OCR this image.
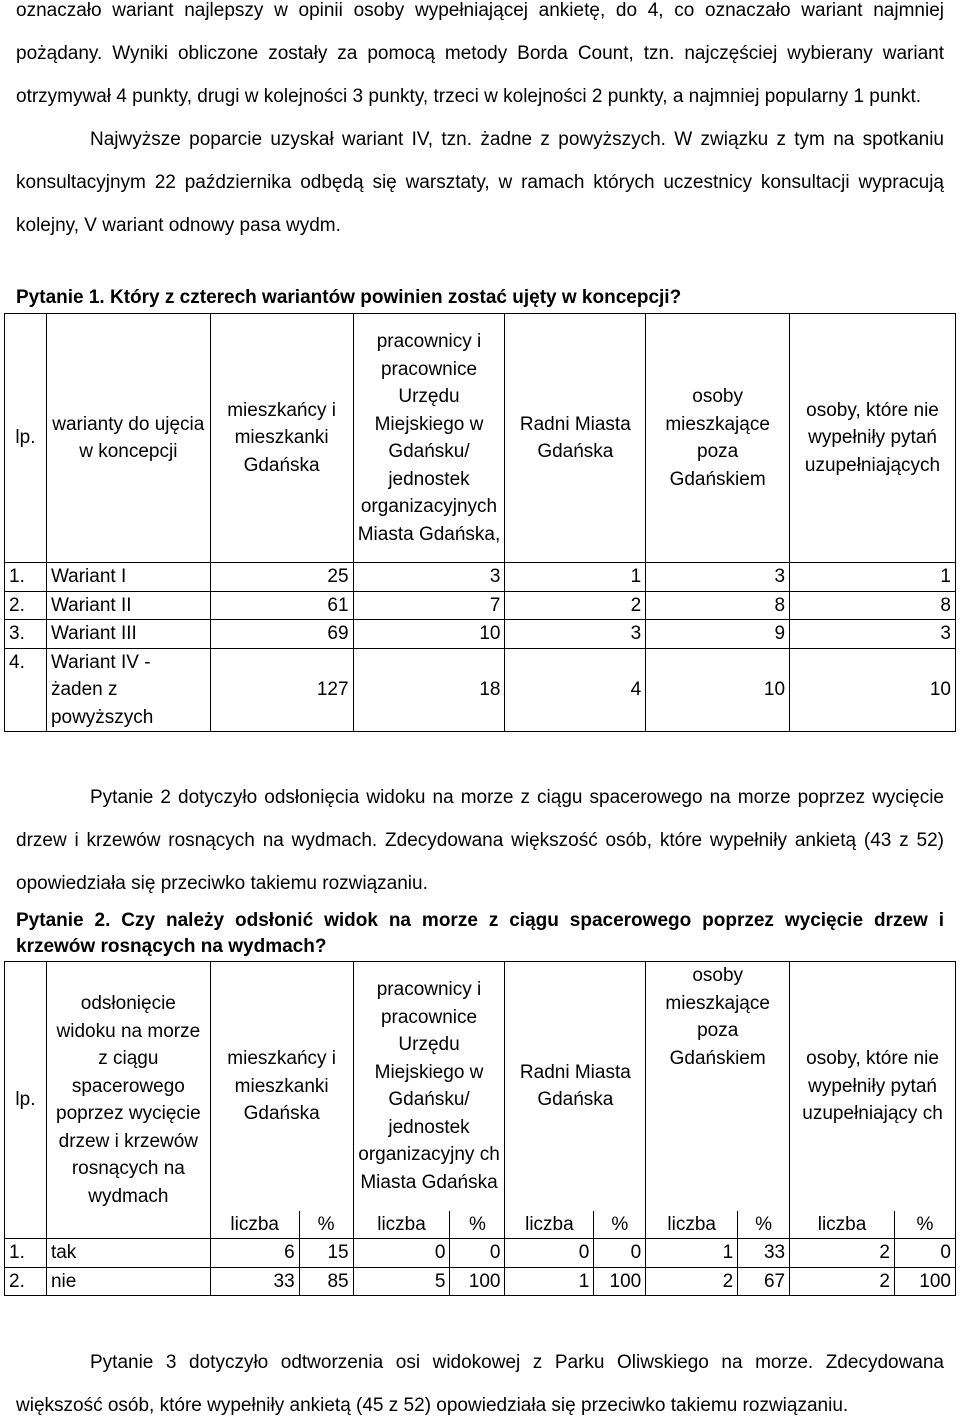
oznaczało wariant najlepszy w opinii osoby wypełniającej ankietę, do 4, co oznaczało wariant najmniej pożądany. Wyniki obliczone zostały za pomocą metody Borda Count, tzn. najczęściej wybierany wariant otrzymywał 4 punkty, drugi w kolejności 3 punkty, trzeci w kolejności 2 punkty, a najmniej popularny 1 punkt.

Najwyższe poparcie uzyskał wariant IV, tzn. żadne z powyższych. W związku z tym na spotkaniu konsultacyjnym 22 października odbędą się warsztaty, w ramach których uczestnicy konsultacji wypracują kolejny, V wariant odnowy pasa wydm.

Pytanie 1. Który z czterech wariantów powinien zostać ujęty w koncepcji?

lp.	warianty do ujęcia w koncepcji	mieszkańcy i mieszkanki Gdańska	pracownicy i pracownice Urzędu Miejskiego w Gdańsku/ jednostek organizacyjnych Miasta Gdańska,	Radni Miasta Gdańska	osoby mieszkające poza Gdańskiem	osoby, które nie wypełniły pytań uzupełniających
1.	Wariant I	25	3	1	3	1
2.	Wariant II	61	7	2	8	8
3.	Wariant III	69	10	3	9	3
4.	Wariant IV - żaden z powyższych	127	18	4	10	10

Pytanie 2 dotyczyło odsłonięcia widoku na morze z ciągu spacerowego na morze poprzez wycięcie drzew i krzewów rosnących na wydmach. Zdecydowana większość osób, które wypełniły ankietą (43 z 52) opowiedziała się przeciwko takiemu rozwiązaniu.

Pytanie 2. Czy należy odsłonić widok na morze z ciągu spacerowego poprzez wycięcie drzew i krzewów rosnących na wydmach?

lp.	odsłonięcie widoku na morze z ciągu spacerowego poprzez wycięcie drzew i krzewów rosnących na wydmach	mieszkańcy i mieszkanki Gdańska		pracownicy i pracownice Urzędu Miejskiego w Gdańsku/ jednostek organizacyjny ch Miasta Gdańska		Radni Miasta Gdańska		osoby mieszkające poza Gdańskiem		osoby, które nie wypełniły pytań uzupełniający ch	
		liczba	%	liczba	%	liczba	%	liczba	%	liczba	%
1.	tak	6	15	0	0	0	0	1	33	2	0
2.	nie	33	85	5	100	1	100	2	67	2	100

Pytanie 3 dotyczyło odtworzenia osi widokowej z Parku Oliwskiego na morze. Zdecydowana większość osób, które wypełniły ankietą (45 z 52) opowiedziała się przeciwko takiemu rozwiązaniu.
